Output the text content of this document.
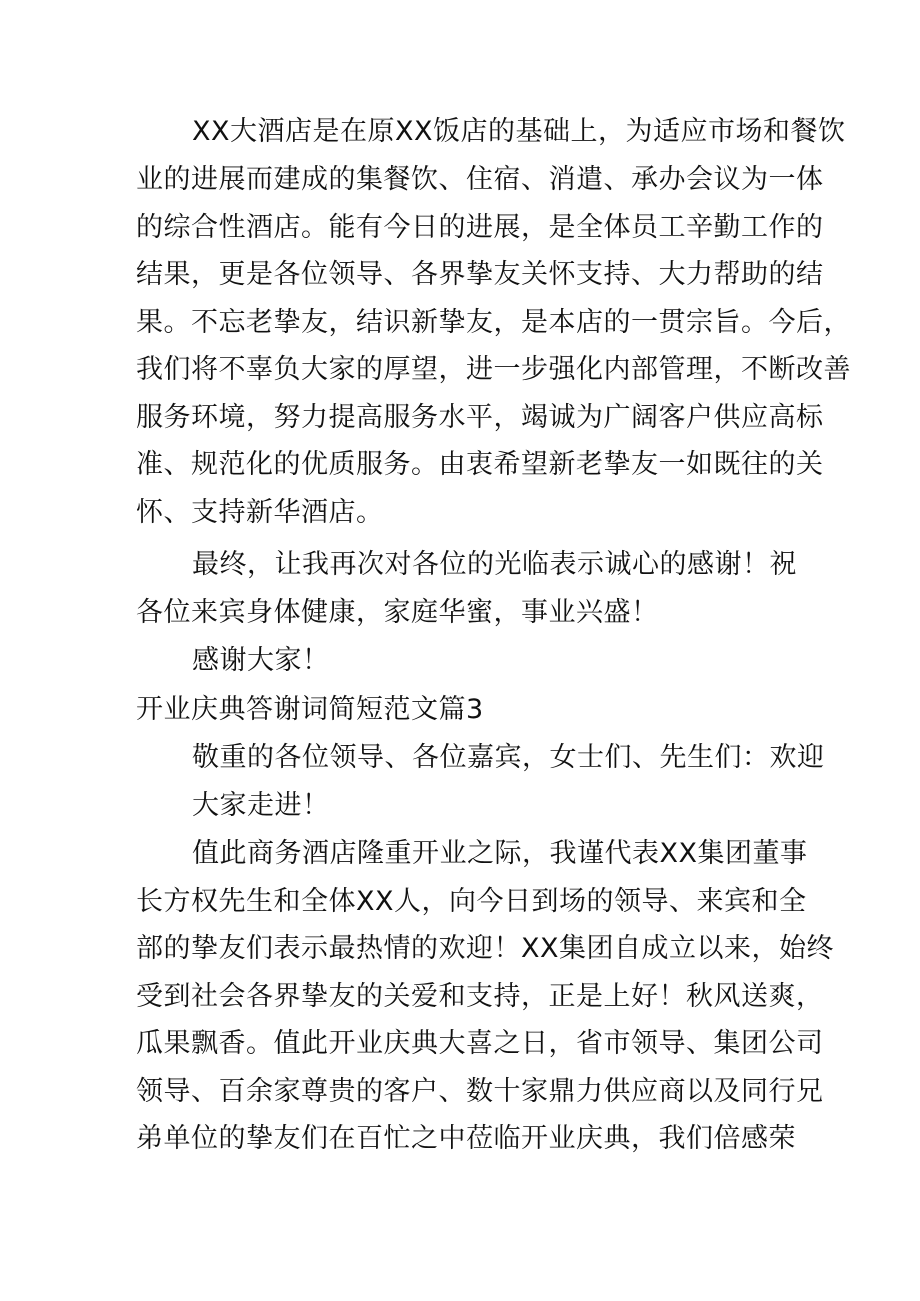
XX大酒店是在原XX饭店的基础上，为适应市场和餐饮
业的进展而建成的集餐饮、住宿、消遣、承办会议为一体
的综合性酒店。能有今日的进展，是全体员工辛勤工作的
结果，更是各位领导、各界挚友关怀支持、大力帮助的结
果。不忘老挚友，结识新挚友，是本店的一贯宗旨。今后，
我们将不辜负大家的厚望，进一步强化内部管理，不断改善
服务环境，努力提高服务水平，竭诚为广阔客户供应高标
准、规范化的优质服务。由衷希望新老挚友一如既往的关
怀、支持新华酒店。
最终，让我再次对各位的光临表示诚心的感谢！祝
各位来宾身体健康，家庭华蜜，事业兴盛！
感谢大家！
开业庆典答谢词简短范文篇3
敬重的各位领导、各位嘉宾，女士们、先生们：欢迎
大家走进！
值此商务酒店隆重开业之际，我谨代表XX集团董事
长方权先生和全体XX人，向今日到场的领导、来宾和全
部的挚友们表示最热情的欢迎！XX集团自成立以来，始终
受到社会各界挚友的关爱和支持，正是上好！秋风送爽，
瓜果飘香。值此开业庆典大喜之日，省市领导、集团公司
领导、百余家尊贵的客户、数十家鼎力供应商以及同行兄
弟单位的挚友们在百忙之中莅临开业庆典，我们倍感荣
